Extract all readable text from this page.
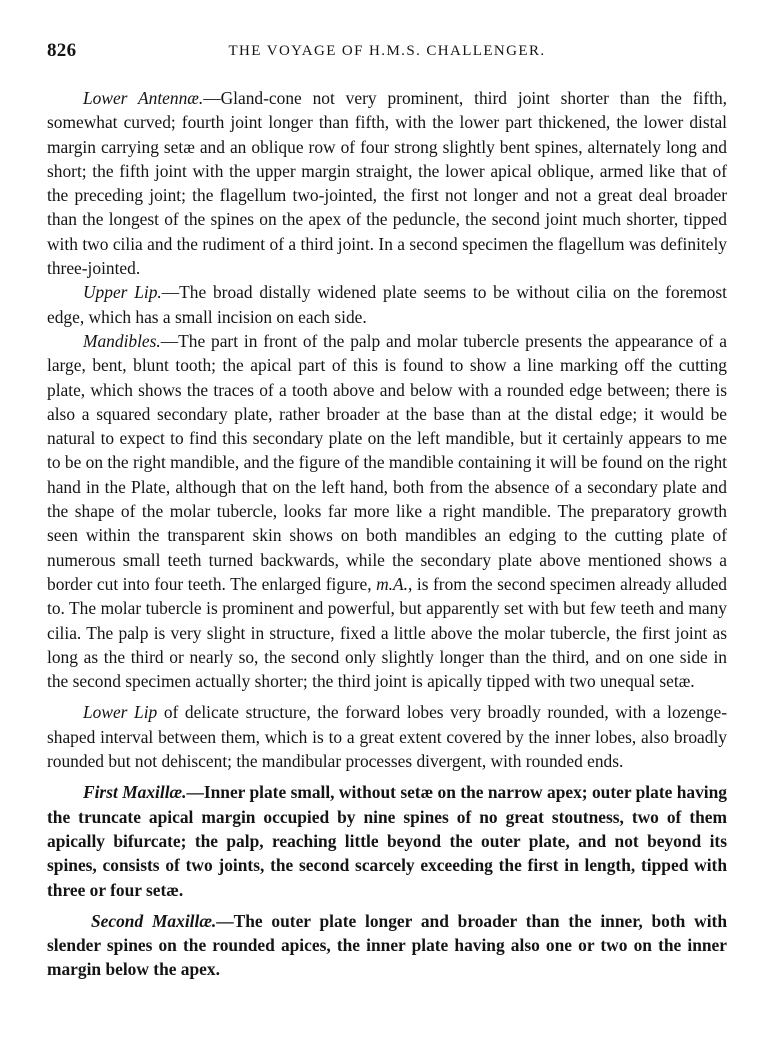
826	THE VOYAGE OF H.M.S. CHALLENGER.

Lower Antennæ.—Gland-cone not very prominent, third joint shorter than the fifth, somewhat curved; fourth joint longer than fifth, with the lower part thickened, the lower distal margin carrying setæ and an oblique row of four strong slightly bent spines, alternately long and short; the fifth joint with the upper margin straight, the lower apical oblique, armed like that of the preceding joint; the flagellum two-jointed, the first not longer and not a great deal broader than the longest of the spines on the apex of the peduncle, the second joint much shorter, tipped with two cilia and the rudiment of a third joint. In a second specimen the flagellum was definitely three-jointed.

Upper Lip.—The broad distally widened plate seems to be without cilia on the foremost edge, which has a small incision on each side.

Mandibles.—The part in front of the palp and molar tubercle presents the appearance of a large, bent, blunt tooth; the apical part of this is found to show a line marking off the cutting plate, which shows the traces of a tooth above and below with a rounded edge between; there is also a squared secondary plate, rather broader at the base than at the distal edge; it would be natural to expect to find this secondary plate on the left mandible, but it certainly appears to me to be on the right mandible, and the figure of the mandible containing it will be found on the right hand in the Plate, although that on the left hand, both from the absence of a secondary plate and the shape of the molar tubercle, looks far more like a right mandible. The preparatory growth seen within the transparent skin shows on both mandibles an edging to the cutting plate of numerous small teeth turned backwards, while the secondary plate above mentioned shows a border cut into four teeth. The enlarged figure, m.A., is from the second specimen already alluded to. The molar tubercle is prominent and powerful, but apparently set with but few teeth and many cilia. The palp is very slight in structure, fixed a little above the molar tubercle, the first joint as long as the third or nearly so, the second only slightly longer than the third, and on one side in the second specimen actually shorter; the third joint is apically tipped with two unequal setæ.

Lower Lip of delicate structure, the forward lobes very broadly rounded, with a lozenge-shaped interval between them, which is to a great extent covered by the inner lobes, also broadly rounded but not dehiscent; the mandibular processes divergent, with rounded ends.

First Maxillæ.—Inner plate small, without setæ on the narrow apex; outer plate having the truncate apical margin occupied by nine spines of no great stoutness, two of them apically bifurcate; the palp, reaching little beyond the outer plate, and not beyond its spines, consists of two joints, the second scarcely exceeding the first in length, tipped with three or four setæ.

Second Maxillæ.—The outer plate longer and broader than the inner, both with slender spines on the rounded apices, the inner plate having also one or two on the inner margin below the apex.
